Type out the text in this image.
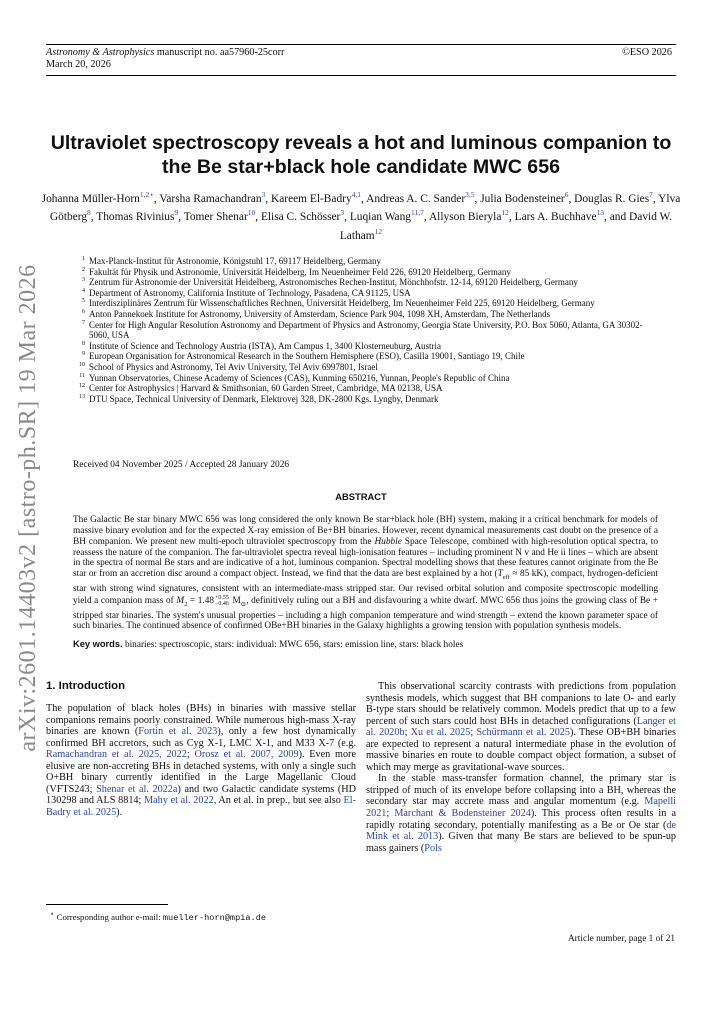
Astronomy & Astrophysics manuscript no. aa57960-25corr
March 20, 2026
©ESO 2026
arXiv:2601.14403v2 [astro-ph.SR] 19 Mar 2026
Ultraviolet spectroscopy reveals a hot and luminous companion to
the Be star+black hole candidate MWC 656
Johanna Müller-Horn$^{1,2⋆}$, Varsha Ramachandran$^3$, Kareem El-Badry$^{4,1}$, Andreas A. C. Sander$^{3,5}$, Julia Bodensteiner$^6$, Douglas R. Gies$^7$, Ylva Götberg$^8$, Thomas Rivinius$^9$, Tomer Shenar$^{10}$, Elisa C. Schösser$^3$, Luqian Wang$^{11,7}$, Allyson Bieryla$^{12}$, Lars A. Buchhave$^{13}$, and David W. Latham$^{12}$
1 Max-Planck-Institut für Astronomie, Königstuhl 17, 69117 Heidelberg, Germany
2 Fakultät für Physik und Astronomie, Universität Heidelberg, Im Neuenheimer Feld 226, 69120 Heidelberg, Germany
3 Zentrum für Astronomie der Universität Heidelberg, Astronomisches Rechen-Institut, Mönchhofstr. 12-14, 69120 Heidelberg, Germany
4 Department of Astronomy, California Institute of Technology, Pasadena, CA 91125, USA
5 Interdisziplinäres Zentrum für Wissenschaftliches Rechnen, Universität Heidelberg, Im Neuenheimer Feld 225, 69120 Heidelberg, Germany
6 Anton Pannekoek Institute for Astronomy, University of Amsterdam, Science Park 904, 1098 XH, Amsterdam, The Netherlands
7 Center for High Angular Resolution Astronomy and Department of Physics and Astronomy, Georgia State University, P.O. Box 5060, Atlanta, GA 30302-5060, USA
8 Institute of Science and Technology Austria (ISTA), Am Campus 1, 3400 Klosterneuburg, Austria
9 European Organisation for Astronomical Research in the Southern Hemisphere (ESO), Casilla 19001, Santiago 19, Chile
10 School of Physics and Astronomy, Tel Aviv University, Tel Aviv 6997801, Israel
11 Yunnan Observatories, Chinese Academy of Sciences (CAS), Kunming 650216, Yunnan, People's Republic of China
12 Center for Astrophysics | Harvard & Smithsonian, 60 Garden Street, Cambridge, MA 02138, USA
13 DTU Space, Technical University of Denmark, Elektrovej 328, DK-2800 Kgs. Lyngby, Denmark
Received 04 November 2025 / Accepted 28 January 2026
ABSTRACT
The Galactic Be star binary MWC 656 was long considered the only known Be star+black hole (BH) system, making it a critical benchmark for models of massive binary evolution and for the expected X-ray emission of Be+BH binaries. However, recent dynamical measurements cast doubt on the presence of a BH companion. We present new multi-epoch ultraviolet spectroscopy from the Hubble Space Telescope, combined with high-resolution optical spectra, to reassess the nature of the companion. The far-ultraviolet spectra reveal high-ionisation features – including prominent N v and He ii lines – which are absent in the spectra of normal Be stars and are indicative of a hot, luminous companion. Spectral modelling shows that these features cannot originate from the Be star or from an accretion disc around a compact object. Instead, we find that the data are best explained by a hot ($T_{eff} \approx 85$ kK), compact, hydrogen-deficient star with strong wind signatures, consistent with an intermediate-mass stripped star. Our revised orbital solution and composite spectroscopic modelling yield a companion mass of $M_2 = 1.48 +0.55$
−0.46 $M_⊙$, definitively ruling out a BH and disfavouring a white dwarf. MWC 656 thus joins the growing class of Be + stripped star binaries. The system's unusual properties – including a high companion temperature and wind strength – extend the known parameter space of such binaries. The continued absence of confirmed OBe+BH binaries in the Galaxy highlights a growing tension with population synthesis models.
Key words. binaries: spectroscopic, stars: individual: MWC 656, stars: emission line, stars: black holes
1. Introduction

The population of black holes (BHs) in binaries with massive stellar companions remains poorly constrained. While numerous high-mass X-ray binaries are known (Fortin et al. 2023), only a few host dynamically confirmed BH accretors, such as Cyg X-1, LMC X-1, and M33 X-7 (e.g. Ramachandran et al. 2025, 2022; Orosz et al. 2007, 2009). Even more elusive are non-accreting BHs in detached systems, with only a single such O+BH binary currently identified in the Large Magellanic Cloud (VFTS243; Shenar et al. 2022a) and two Galactic candidate systems (HD 130298 and ALS 8814; Mahy et al. 2022, An et al. in prep., but see also El-Badry et al. 2025).

This observational scarcity contrasts with predictions from population synthesis models, which suggest that BH companions to late O- and early B-type stars should be relatively common. Models predict that up to a few percent of such stars could host BHs in detached configurations (Langer et al. 2020b; Xu et al. 2025; Schürmann et al. 2025). These OB+BH binaries are expected to represent a natural intermediate phase in the evolution of massive binaries en route to double compact object formation, a subset of which may merge as gravitational-wave sources.

In the stable mass-transfer formation channel, the primary star is stripped of much of its envelope before collapsing into a BH, whereas the secondary star may accrete mass and angular momentum (e.g. Mapelli 2021; Marchant & Bodensteiner 2024). This process often results in a rapidly rotating secondary, potentially manifesting as a Be or Oe star (de Mink et al. 2013). Given that many Be stars are believed to be spun-up mass gainers (Pols

⋆ Corresponding author e-mail: mueller-horn@mpia.de
Article number, page 1 of 21
